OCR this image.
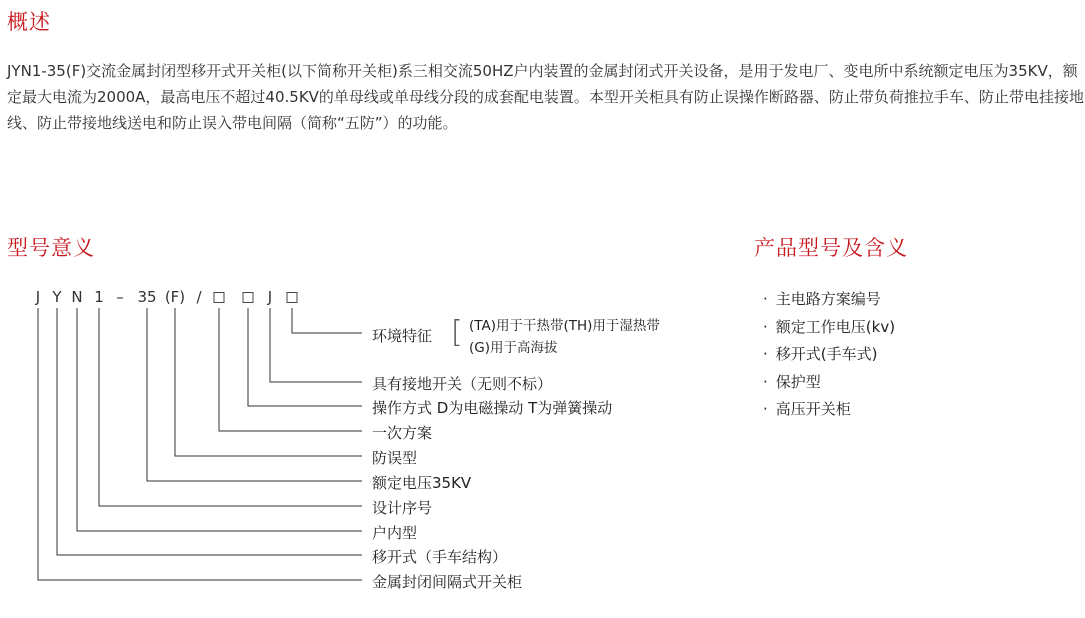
概述

JYN1-35(F)交流金属封闭型移开式开关柜(以下简称开关柜)系三相交流50HZ户内装置的金属封闭式开关设备，是用于发电厂、变电所中系统额定电压为35KV，额定最大电流为2000A，最高电压不超过40.5KV的单母线或单母线分段的成套配电装置。本型开关柜具有防止误操作断路器、防止带负荷推拉手车、防止带电挂接地线、防止带接地线送电和防止误入带电间隔（简称“五防”）的功能。

型号意义	产品型号及含义
J Y N 1 – 35 (F) /	J
环境特征 [ (TA)用于干热带(TH)用于湿热带
(G)用于高海拔
具有接地开关（无则不标）
操作方式 D为电磁操动 T为弹簧操动
一次方案
防误型
额定电压35KV
设计序号
户内型
移开式（手车结构）
金属封闭间隔式开关柜
· 主电路方案编号
· 额定工作电压(kv)
· 移开式(手车式)
· 保护型
· 高压开关柜
